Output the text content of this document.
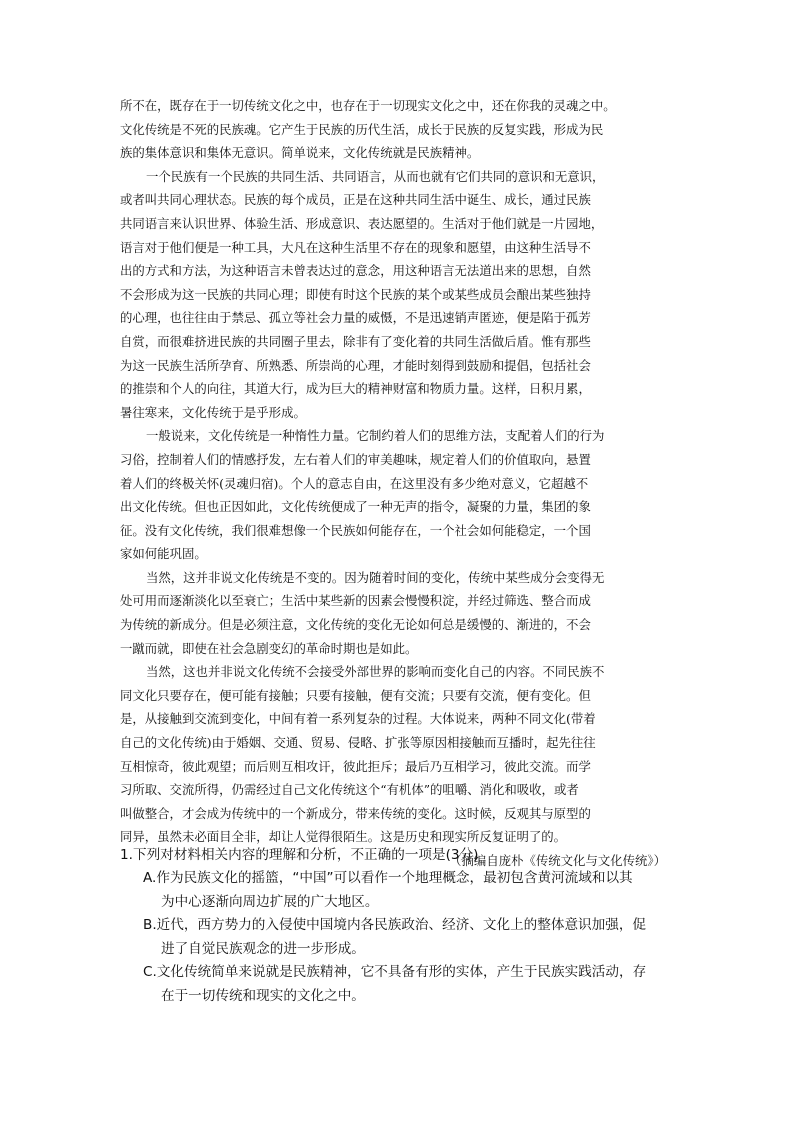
所不在，既存在于一切传统文化之中，也存在于一切现实文化之中，还在你我的灵魂之中。
文化传统是不死的民族魂。它产生于民族的历代生活，成长于民族的反复实践，形成为民
族的集体意识和集体无意识。简单说来，文化传统就是民族精神。
一个民族有一个民族的共同生活、共同语言，从而也就有它们共同的意识和无意识，
或者叫共同心理状态。民族的每个成员，正是在这种共同生活中诞生、成长，通过民族
共同语言来认识世界、体验生活、形成意识、表达愿望的。生活对于他们就是一片园地，
语言对于他们便是一种工具，大凡在这种生活里不存在的现象和愿望，由这种生活导不
出的方式和方法，为这种语言未曾表达过的意念，用这种语言无法道出来的思想，自然
不会形成为这一民族的共同心理；即使有时这个民族的某个或某些成员会酿出某些独持
的心理，也往往由于禁忌、孤立等社会力量的威慑，不是迅速销声匿迹，便是陷于孤芳
自赏，而很难挤进民族的共同圈子里去，除非有了变化着的共同生活做后盾。惟有那些
为这一民族生活所孕育、所熟悉、所崇尚的心理，才能时刻得到鼓励和提倡，包括社会
的推崇和个人的向往，其道大行，成为巨大的精神财富和物质力量。这样，日积月累，
暑往寒来，文化传统于是乎形成。
一般说来，文化传统是一种惰性力量。它制约着人们的思维方法，支配着人们的行为
习俗，控制着人们的情感抒发，左右着人们的审美趣味，规定着人们的价值取向，悬置
着人们的终极关怀(灵魂归宿)。个人的意志自由，在这里没有多少绝对意义，它超越不
出文化传统。但也正因如此，文化传统便成了一种无声的指令，凝聚的力量，集团的象
征。没有文化传统，我们很难想像一个民族如何能存在，一个社会如何能稳定，一个国
家如何能巩固。
当然，这并非说文化传统是不变的。因为随着时间的变化，传统中某些成分会变得无
处可用而逐渐淡化以至衰亡；生活中某些新的因素会慢慢积淀，并经过筛选、整合而成
为传统的新成分。但是必须注意，文化传统的变化无论如何总是缓慢的、渐进的，不会
一蹴而就，即使在社会急剧变幻的革命时期也是如此。
当然，这也并非说文化传统不会接受外部世界的影响而变化自己的内容。不同民族不
同文化只要存在，便可能有接触；只要有接触，便有交流；只要有交流，便有变化。但
是，从接触到交流到变化，中间有着一系列复杂的过程。大体说来，两种不同文化(带着
自己的文化传统)由于婚姻、交通、贸易、侵略、扩张等原因相接触而互播时，起先往往
互相惊奇，彼此观望；而后则互相攻讦，彼此拒斥；最后乃互相学习，彼此交流。而学
习所取、交流所得，仍需经过自己文化传统这个“有机体”的咀嚼、消化和吸收，或者
叫做整合，才会成为传统中的一个新成分，带来传统的变化。这时候，反观其与原型的
同异，虽然未必面目全非，却让人觉得很陌生。这是历史和现实所反复证明了的。
（摘编自庞朴《传统文化与文化传统》）
1.下列对材料相关内容的理解和分析，不正确的一项是(3分)
A.作为民族文化的摇篮，“中国”可以看作一个地理概念，最初包含黄河流域和以其
为中心逐渐向周边扩展的广大地区。
B.近代，西方势力的入侵使中国境内各民族政治、经济、文化上的整体意识加强，促
进了自觉民族观念的进一步形成。
C.文化传统简单来说就是民族精神，它不具备有形的实体，产生于民族实践活动，存
在于一切传统和现实的文化之中。
